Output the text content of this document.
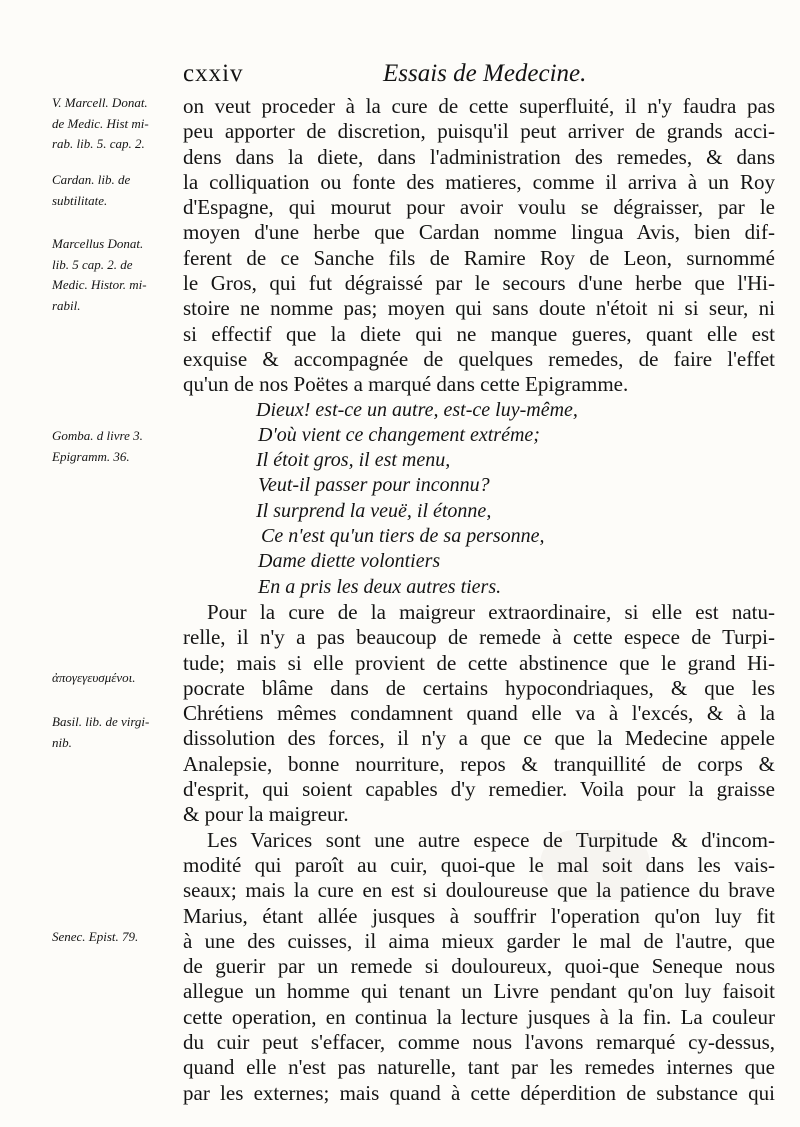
cxxiv	Essais de Medecine.
V. Marcell. Donat.
de Medic. Hist mi-
rab. lib. 5. cap. 2.
Cardan. lib. de
subtilitate.
Marcellus Donat.
lib. 5 cap. 2. de
Medic. Histor. mi-
rabil.
Gomba. d livre 3.
Epigramm. 36.
ἀπογεγευσμένοι.
Basil. lib. de virgi-
nib.
Senec. Epist. 79.
on veut proceder à la cure de cette superfluité, il n'y faudra pas
peu apporter de discretion, puisqu'il peut arriver de grands acci-
dens dans la diete, dans l'administration des remedes, & dans
la colliquation ou fonte des matieres, comme il arriva à un Roy
d'Espagne, qui mourut pour avoir voulu se dégraisser, par le
moyen d'une herbe que Cardan nomme lingua Avis, bien dif-
ferent de ce Sanche fils de Ramire Roy de Leon, surnommé
le Gros, qui fut dégraissé par le secours d'une herbe que l'Hi-
stoire ne nomme pas; moyen qui sans doute n'étoit ni si seur, ni
si effectif que la diete qui ne manque gueres, quant elle est
exquise & accompagnée de quelques remedes, de faire l'effet
qu'un de nos Poëtes a marqué dans cette Epigramme.
Dieux! est-ce un autre, est-ce luy-même,
D'où vient ce changement extréme;
Il étoit gros, il est menu,
Veut-il passer pour inconnu?
Il surprend la veuë, il étonne,
Ce n'est qu'un tiers de sa personne,
Dame diette volontiers
En a pris les deux autres tiers.
Pour la cure de la maigreur extraordinaire, si elle est natu-
relle, il n'y a pas beaucoup de remede à cette espece de Turpi-
tude; mais si elle provient de cette abstinence que le grand Hi-
pocrate blâme dans de certains hypocondriaques, & que les
Chrétiens mêmes condamnent quand elle va à l'excés, & à la
dissolution des forces, il n'y a que ce que la Medecine appele
Analepsie, bonne nourriture, repos & tranquillité de corps &
d'esprit, qui soient capables d'y remedier. Voila pour la graisse
& pour la maigreur.
Les Varices sont une autre espece de Turpitude & d'incom-
modité qui paroît au cuir, quoi-que le mal soit dans les vais-
seaux; mais la cure en est si douloureuse que la patience du brave
Marius, étant allée jusques à souffrir l'operation qu'on luy fit
à une des cuisses, il aima mieux garder le mal de l'autre, que
de guerir par un remede si douloureux, quoi-que Seneque nous
allegue un homme qui tenant un Livre pendant qu'on luy faisoit
cette operation, en continua la lecture jusques à la fin. La couleur
du cuir peut s'effacer, comme nous l'avons remarqué cy-dessus,
quand elle n'est pas naturelle, tant par les remedes internes que
par les externes; mais quand à cette déperdition de substance qui
